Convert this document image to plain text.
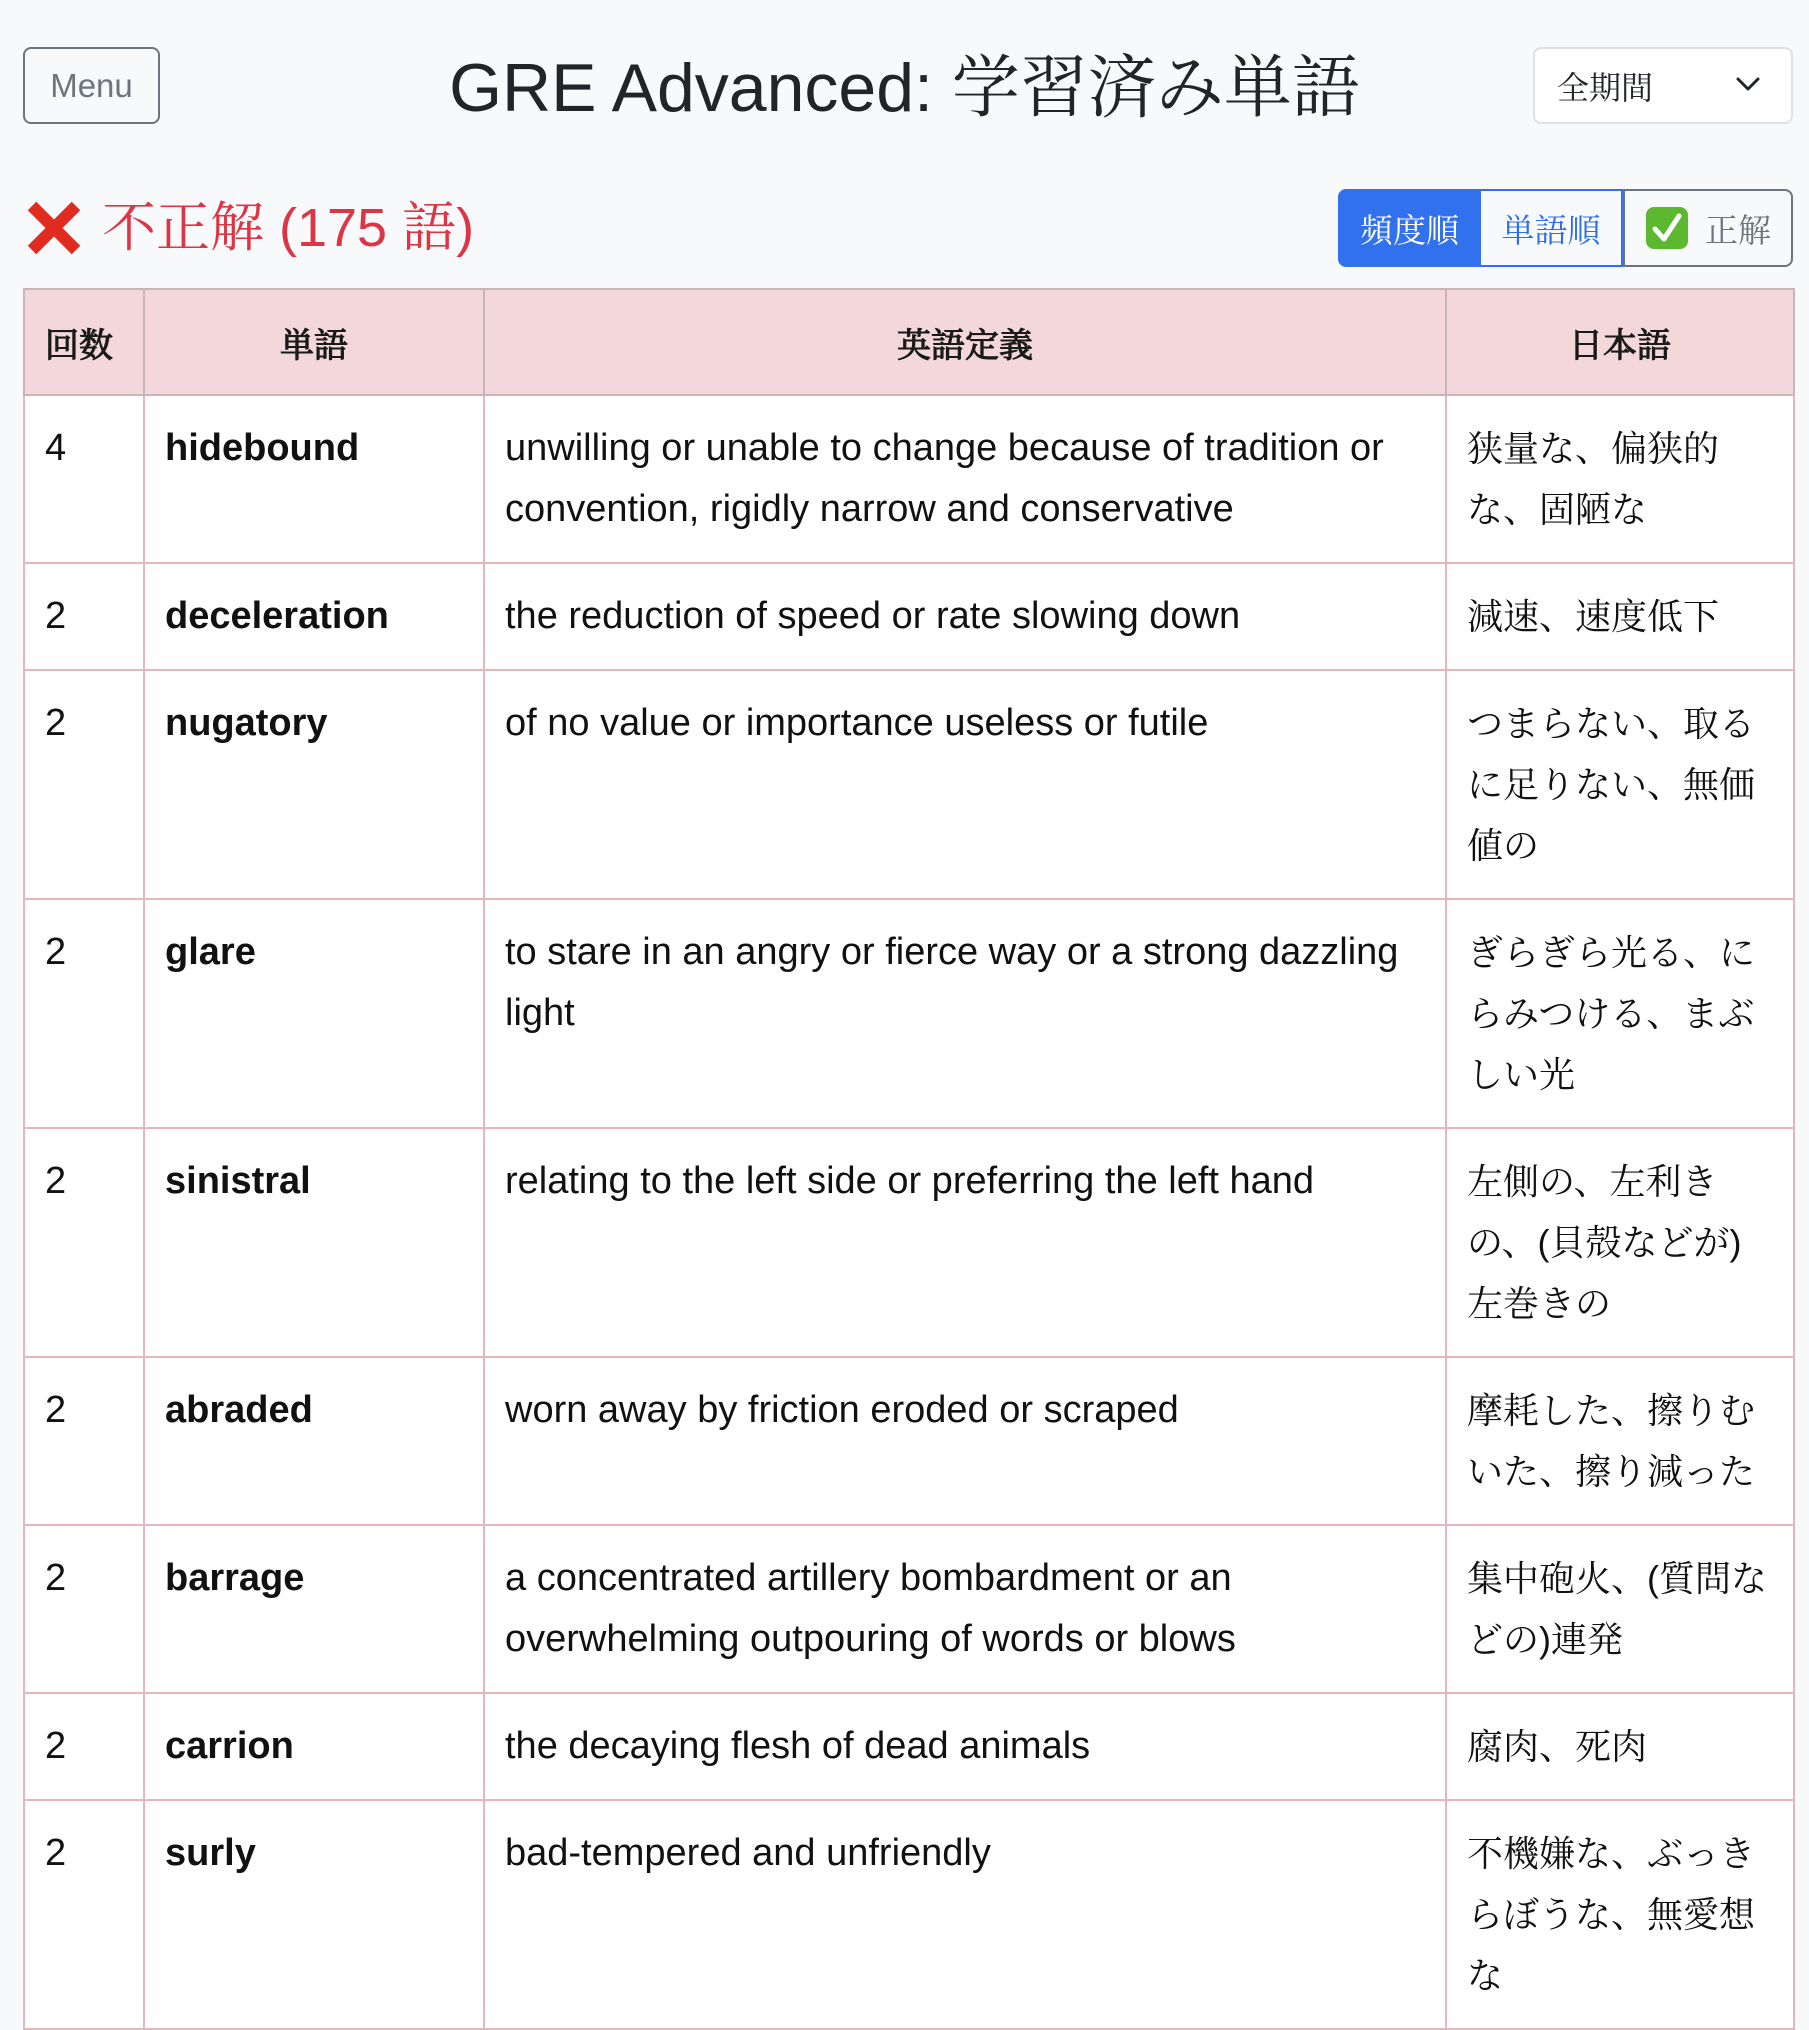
Menu	GRE Advanced: 学習済み単語	全期間
不正解 (175 語)	頻度順	単語順	正解
回数	単語	英語定義	日本語
4	hidebound	unwilling or unable to change because of tradition or convention, rigidly narrow and conservative	狭量な、偏狭的な、固陋な
2	deceleration	the reduction of speed or rate slowing down	減速、速度低下
2	nugatory	of no value or importance useless or futile	つまらない、取るに足りない、無価値の
2	glare	to stare in an angry or fierce way or a strong dazzling light	ぎらぎら光る、にらみつける、まぶしい光
2	sinistral	relating to the left side or preferring the left hand	左側の、左利きの、(貝殻などが)左巻きの
2	abraded	worn away by friction eroded or scraped	摩耗した、擦りむいた、擦り減った
2	barrage	a concentrated artillery bombardment or an overwhelming outpouring of words or blows	集中砲火、(質問などの)連発
2	carrion	the decaying flesh of dead animals	腐肉、死肉
2	surly	bad-tempered and unfriendly	不機嫌な、ぶっきらぼうな、無愛想な
